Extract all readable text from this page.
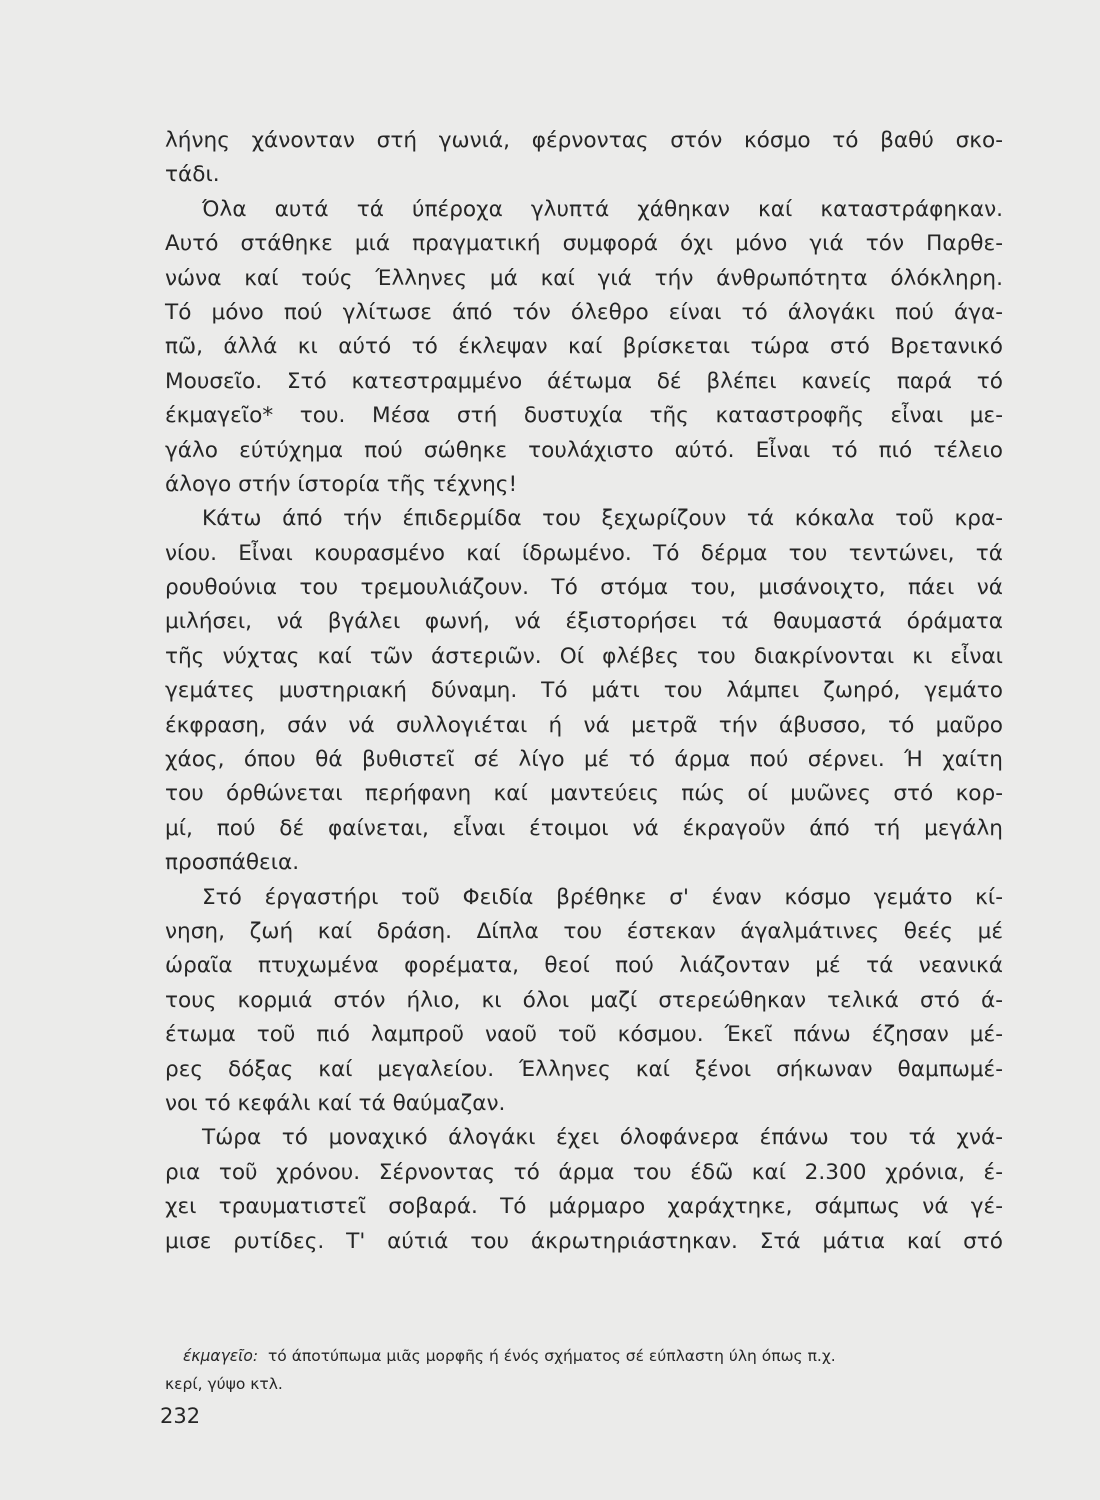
λήνης χάνονταν στή γωνιά, φέρνοντας στόν κόσμο τό βαθύ σκο-
τάδι.
Όλα αυτά τά ύπέροχα γλυπτά χάθηκαν καί καταστράφηκαν.
Αυτό στάθηκε μιά πραγματική συμφορά όχι μόνο γιά τόν Παρθε-
νώνα καί τούς Έλληνες μά καί γιά τήν άνθρωπότητα όλόκληρη.
Τό μόνο πού γλίτωσε άπό τόν όλεθρο είναι τό άλογάκι πού άγα-
πῶ, άλλά κι αύτό τό έκλεψαν καί βρίσκεται τώρα στό Βρετανικό
Μουσεῖο. Στό κατεστραμμένο άέτωμα δέ βλέπει κανείς παρά τό
έκμαγεῖο* του. Μέσα στή δυστυχία τῆς καταστροφῆς εἶναι με-
γάλο εύτύχημα πού σώθηκε τουλάχιστο αύτό. Εἶναι τό πιό τέλειο
άλογο στήν ίστορία τῆς τέχνης!
Κάτω άπό τήν έπιδερμίδα του ξεχωρίζουν τά κόκαλα τοῦ κρα-
νίου. Εἶναι κουρασμένο καί ίδρωμένο. Τό δέρμα του τεντώνει, τά
ρουθούνια του τρεμουλιάζουν. Τό στόμα του, μισάνοιχτο, πάει νά
μιλήσει, νά βγάλει φωνή, νά έξιστορήσει τά θαυμαστά όράματα
τῆς νύχτας καί τῶν άστεριῶν. Οί φλέβες του διακρίνονται κι εἶναι
γεμάτες μυστηριακή δύναμη. Τό μάτι του λάμπει ζωηρό, γεμάτο
έκφραση, σάν νά συλλογιέται ή νά μετρᾶ τήν άβυσσο, τό μαῦρο
χάος, όπου θά βυθιστεῖ σέ λίγο μέ τό άρμα πού σέρνει. Ή χαίτη
του όρθώνεται περήφανη καί μαντεύεις πώς οί μυῶνες στό κορ-
μί, πού δέ φαίνεται, εἶναι έτοιμοι νά έκραγοῦν άπό τή μεγάλη
προσπάθεια.
Στό έργαστήρι τοῦ Φειδία βρέθηκε σ' έναν κόσμο γεμάτο κί-
νηση, ζωή καί δράση. Δίπλα του έστεκαν άγαλμάτινες θεές μέ
ώραῖα πτυχωμένα φορέματα, θεοί πού λιάζονταν μέ τά νεανικά
τους κορμιά στόν ήλιο, κι όλοι μαζί στερεώθηκαν τελικά στό ά-
έτωμα τοῦ πιό λαμπροῦ ναοῦ τοῦ κόσμου. Έκεῖ πάνω έζησαν μέ-
ρες δόξας καί μεγαλείου. Έλληνες καί ξένοι σήκωναν θαμπωμέ-
νοι τό κεφάλι καί τά θαύμαζαν.
Τώρα τό μοναχικό άλογάκι έχει όλοφάνερα έπάνω του τά χνά-
ρια τοῦ χρόνου. Σέρνοντας τό άρμα του έδῶ καί 2.300 χρόνια, έ-
χει τραυματιστεῖ σοβαρά. Τό μάρμαρο χαράχτηκε, σάμπως νά γέ-
μισε ρυτίδες. Τ' αύτιά του άκρωτηριάστηκαν. Στά μάτια καί στό
έκμαγεῖο: τό άποτύπωμα μιᾶς μορφῆς ή ένός σχήματος σέ εύπλαστη ύλη όπως π.χ.
κερί, γύψο κτλ.
232
